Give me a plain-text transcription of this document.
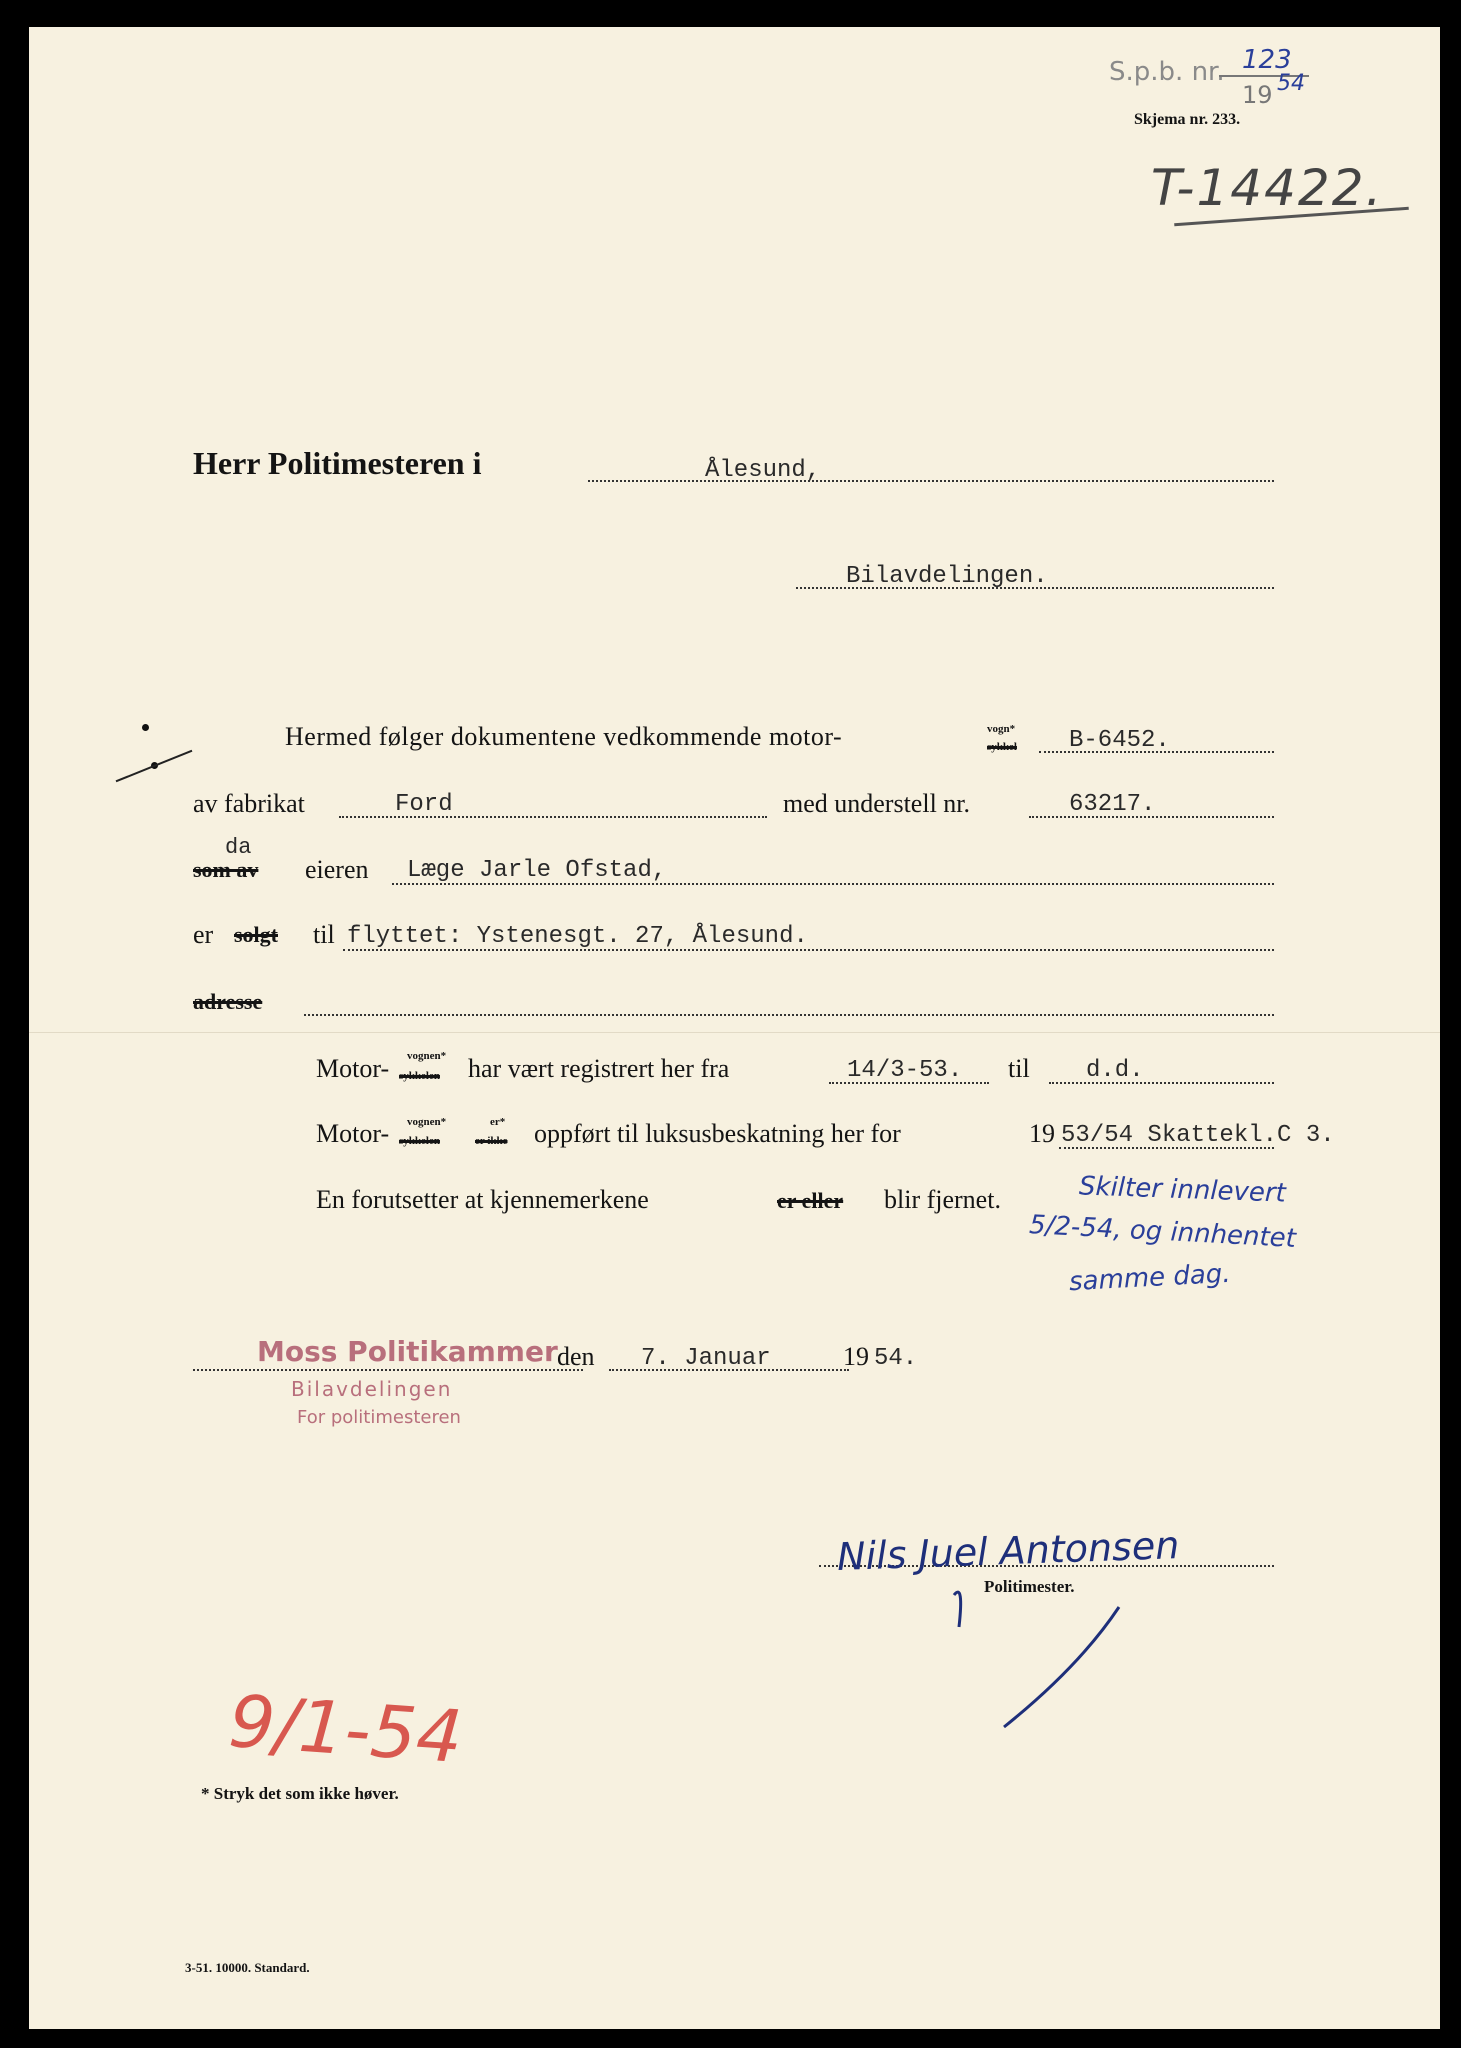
S.p.b. nr. 123
19 54
Skjema nr. 233.
T-14422.
Herr Politimesteren i	Ålesund,
Bilavdelingen.
Hermed følger dokumentene vedkommende motor-	vogn*
sykkel B-6452.
av fabrikat	Ford	med understell nr.	63217.
da
som av eieren Læge Jarle Ofstad,
er solgt til flyttet: Ystenesgt. 27, Ålesund.
adresse
Motor- vognen*
sykkelen har vært registrert her fra	14/3-53. til d.d.
Motor- vognen*
sykkelen
er*
er ikke oppført til luksusbeskatning her for	19 53/54 Skattekl.C 3.
En forutsetter at kjennemerkene	er eller blir fjernet.	Skilter innlevert
5/2-54, og innhentet
samme dag.
Moss Politikammer
Bilavdelingen
For politimesteren
den 7. Januar	19 54.
Nils Juel Antonsen
Politimester.
9/1-54
* Stryk det som ikke høver.
3-51. 10000. Standard.
